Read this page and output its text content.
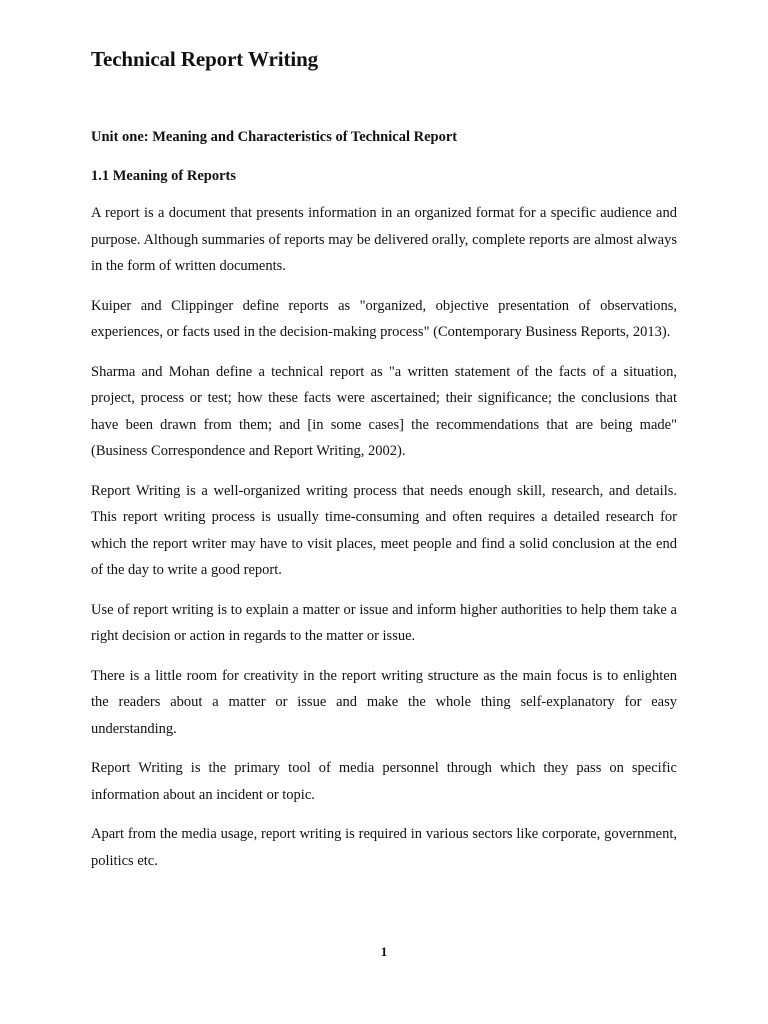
Technical Report Writing
Unit one: Meaning and Characteristics of Technical Report
1.1 Meaning of Reports

A report is a document that presents information in an organized format for a specific audience and purpose. Although summaries of reports may be delivered orally, complete reports are almost always in the form of written documents.

Kuiper and Clippinger define reports as "organized, objective presentation of observations, experiences, or facts used in the decision-making process" (Contemporary Business Reports, 2013).

Sharma and Mohan define a technical report as "a written statement of the facts of a situation, project, process or test; how these facts were ascertained; their significance; the conclusions that have been drawn from them; and [in some cases] the recommendations that are being made" (Business Correspondence and Report Writing, 2002).

Report Writing is a well-organized writing process that needs enough skill, research, and details. This report writing process is usually time-consuming and often requires a detailed research for which the report writer may have to visit places, meet people and find a solid conclusion at the end of the day to write a good report.

Use of report writing is to explain a matter or issue and inform higher authorities to help them take a right decision or action in regards to the matter or issue.

There is a little room for creativity in the report writing structure as the main focus is to enlighten the readers about a matter or issue and make the whole thing self-explanatory for easy understanding.

Report Writing is the primary tool of media personnel through which they pass on specific information about an incident or topic.

Apart from the media usage, report writing is required in various sectors like corporate, government, politics etc.

1
